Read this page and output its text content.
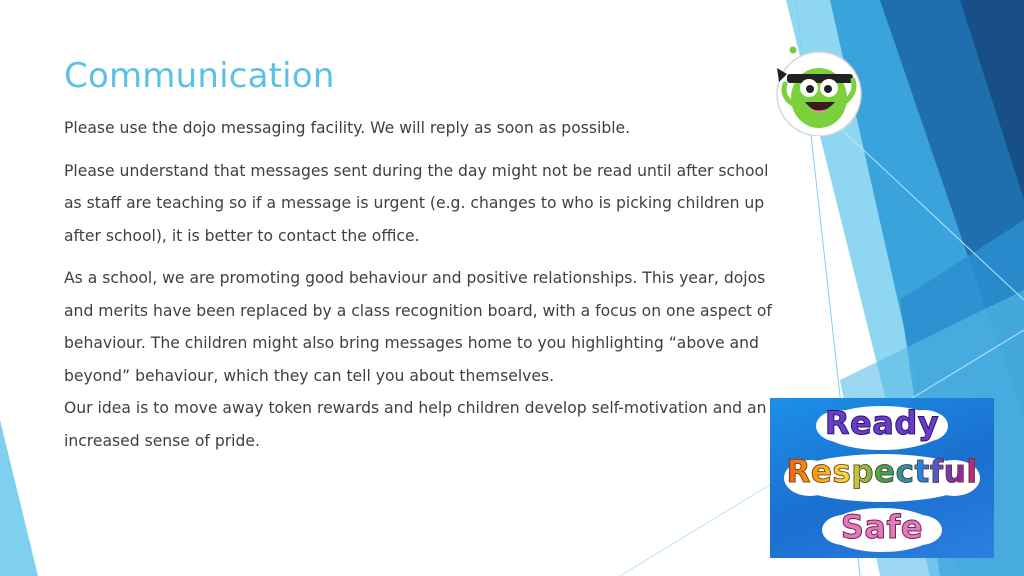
Communication

Please use the dojo messaging facility. We will reply as soon as possible.

Please understand that messages sent during the day might not be read until after school as staff are teaching so if a message is urgent (e.g. changes to who is picking children up after school), it is better to contact the office.

As a school, we are promoting good behaviour and positive relationships. This year, dojos and merits have been replaced by a class recognition board, with a focus on one aspect of behaviour. The children might also bring messages home to you highlighting “above and beyond” behaviour, which they can tell you about themselves.

Our idea is to move away token rewards and help children develop self-motivation and an increased sense of pride.	Ready
Respectful
Safe
